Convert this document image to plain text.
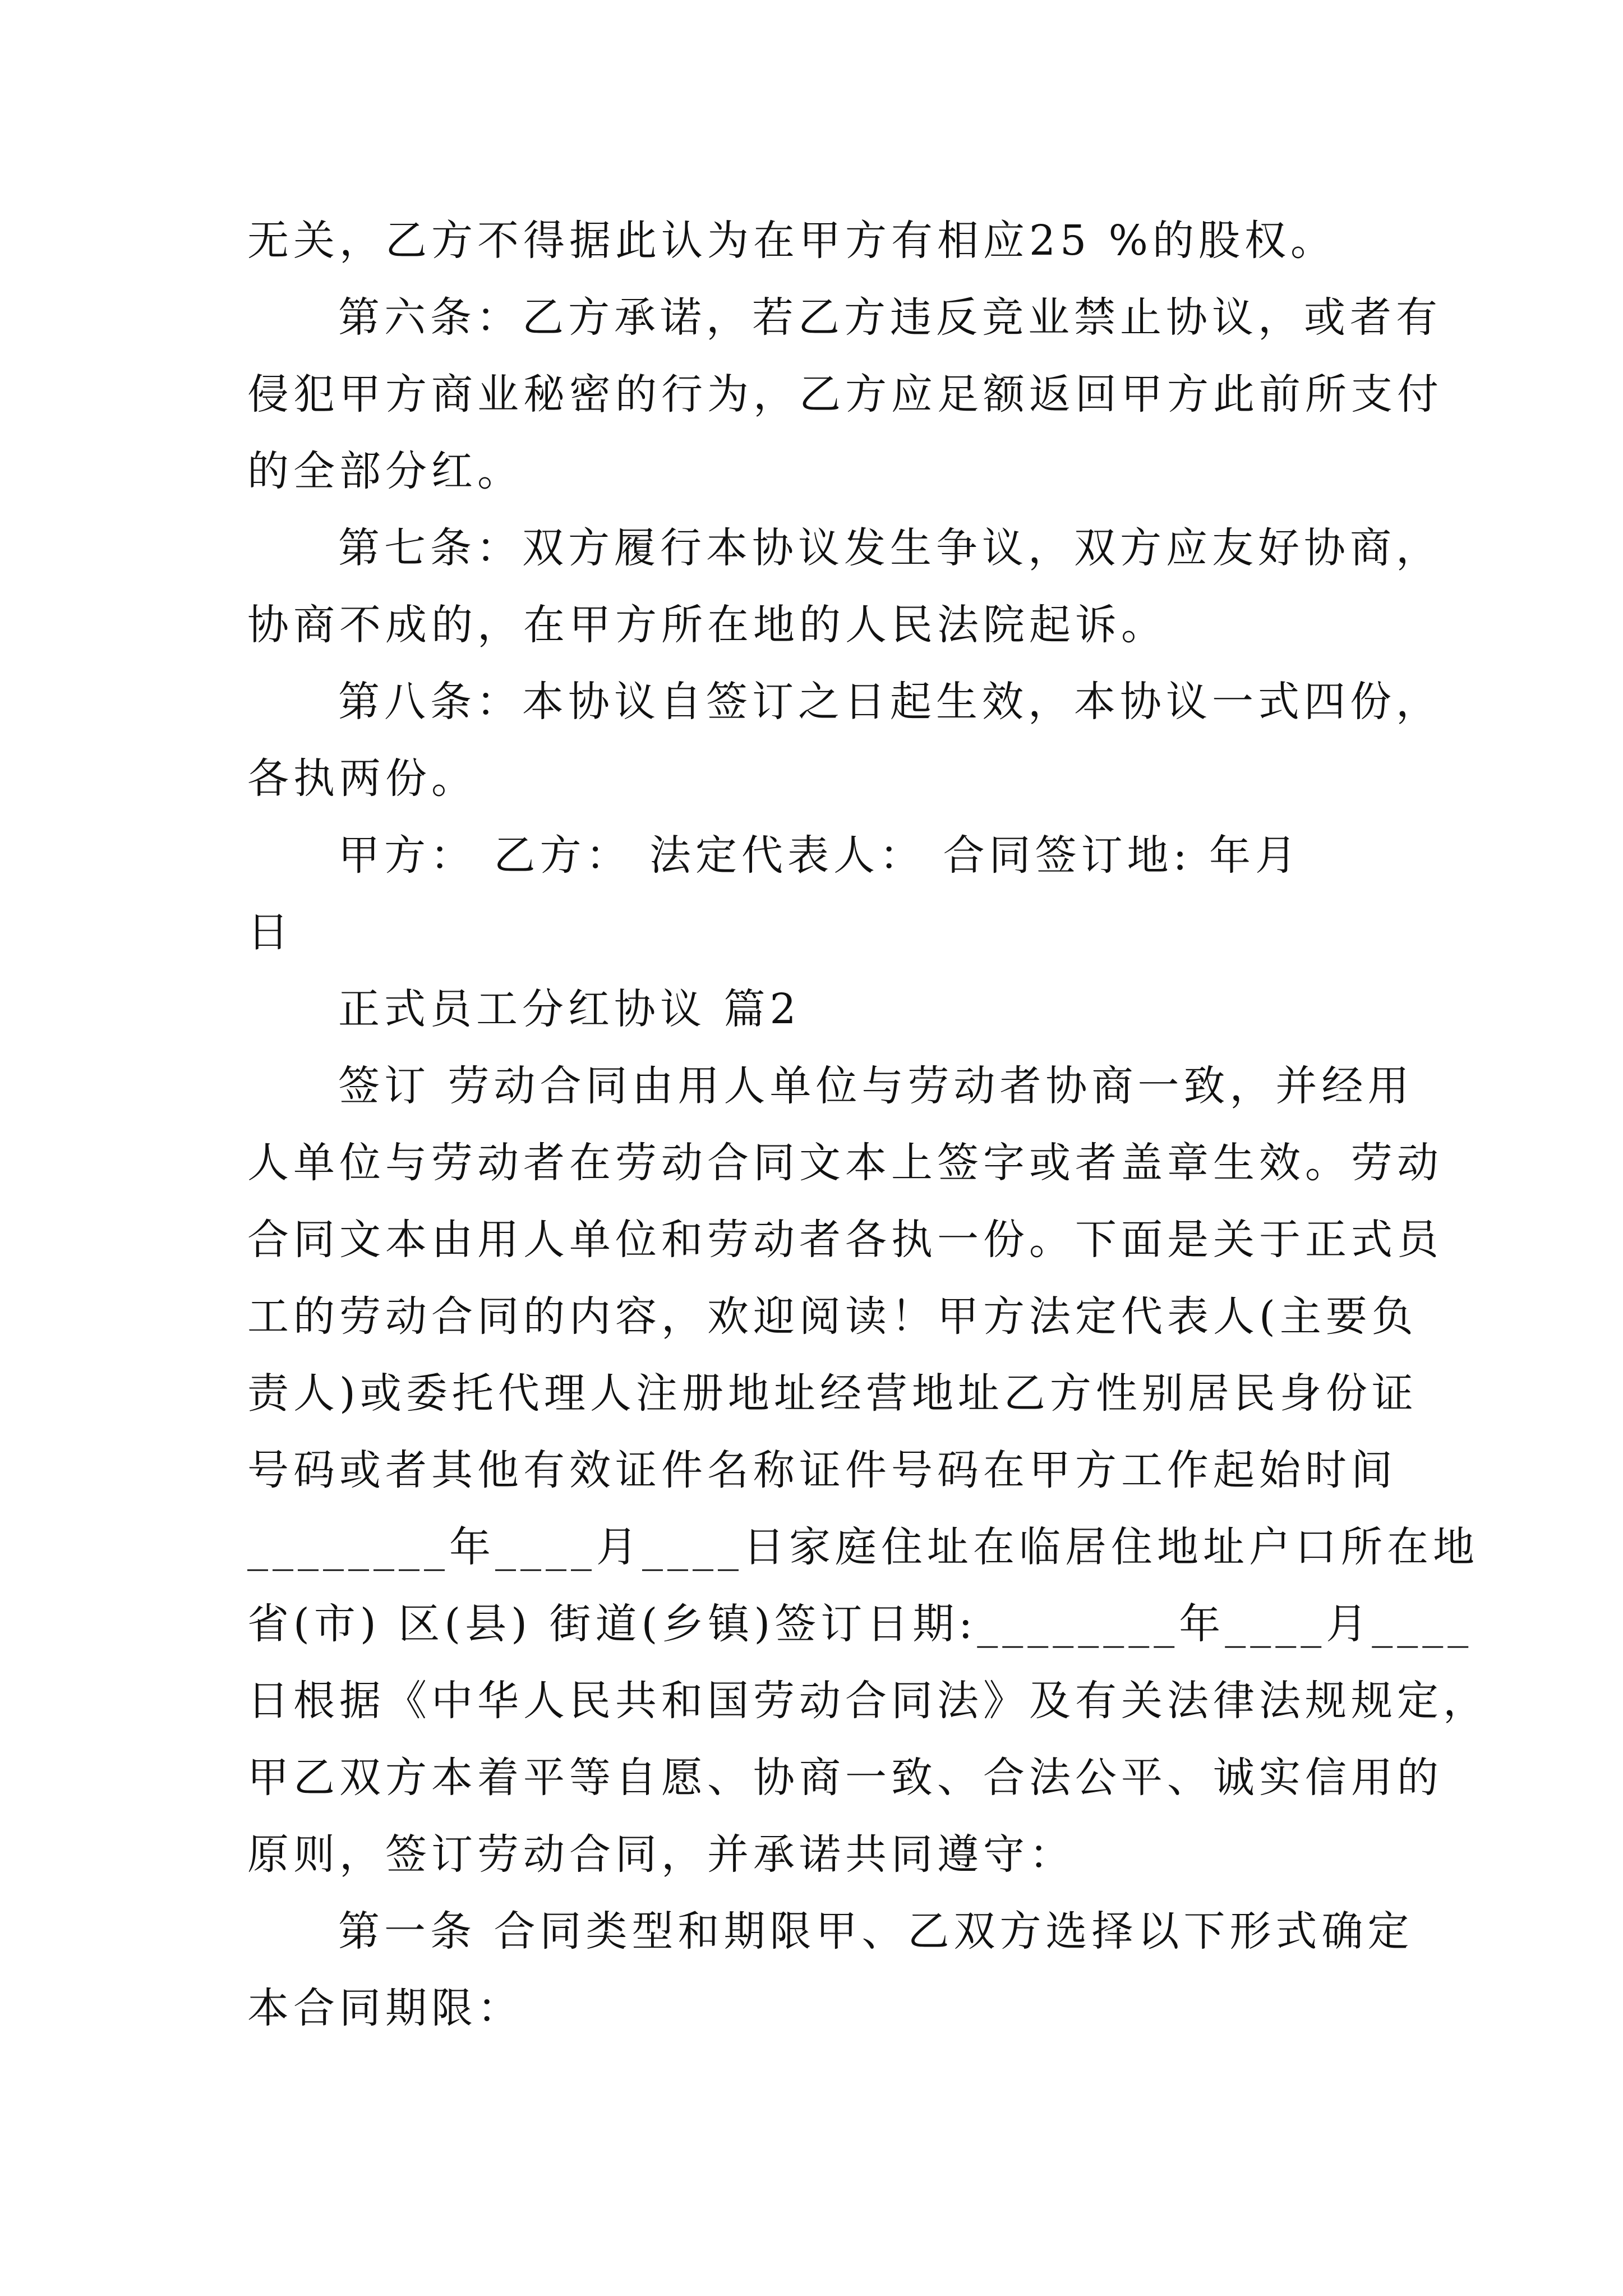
无关，乙方不得据此认为在甲方有相应25 %的股权。
第六条：乙方承诺，若乙方违反竞业禁止协议，或者有
侵犯甲方商业秘密的行为，乙方应足额返回甲方此前所支付
的全部分红。
第七条：双方履行本协议发生争议，双方应友好协商，
协商不成的，在甲方所在地的人民法院起诉。
第八条：本协议自签订之日起生效，本协议一式四份，
各执两份。
甲方： 乙方： 法定代表人： 合同签订地: 年月
日
正式员工分红协议 篇2
签订 劳动合同由用人单位与劳动者协商一致，并经用
人单位与劳动者在劳动合同文本上签字或者盖章生效。劳动
合同文本由用人单位和劳动者各执一份。下面是关于正式员
工的劳动合同的内容，欢迎阅读！甲方法定代表人(主要负
责人)或委托代理人注册地址经营地址乙方性别居民身份证
号码或者其他有效证件名称证件号码在甲方工作起始时间
________年____月____日家庭住址在临居住地址户口所在地
省(市) 区(县) 街道(乡镇)签订日期:________年____月____
日根据《中华人民共和国劳动合同法》及有关法律法规规定，
甲乙双方本着平等自愿、协商一致、合法公平、诚实信用的
原则，签订劳动合同，并承诺共同遵守：
第一条 合同类型和期限甲、乙双方选择以下形式确定
本合同期限：
